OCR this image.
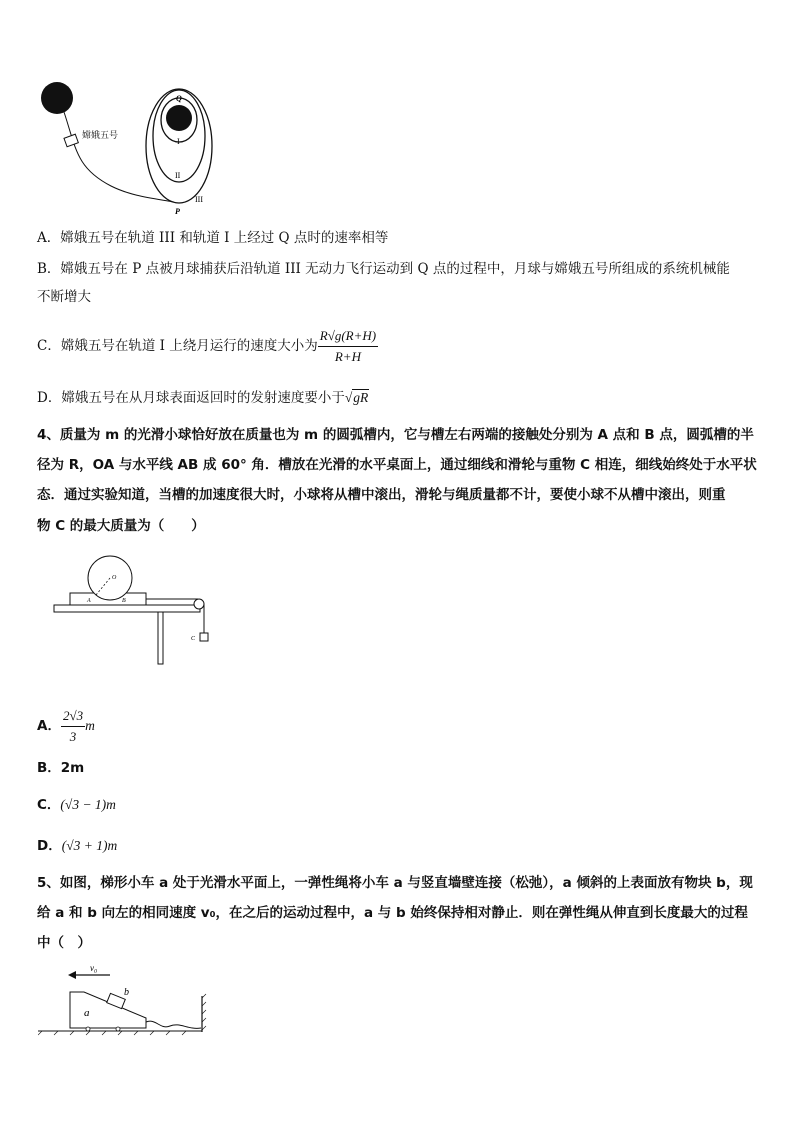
嫦娥五号
Q
I
II
III
P
A．嫦娥五号在轨道 III 和轨道 I 上经过 Q 点时的速率相等
B．嫦娥五号在 P 点被月球捕获后沿轨道 III 无动力飞行运动到 Q 点的过程中，月球与嫦娥五号所组成的系统机械能
不断增大
C．嫦娥五号在轨道 I 上绕月运行的速度大小为 $\frac{R√g(R+H)}{R+H}$
D．嫦娥五号在从月球表面返回时的发射速度要小于√gR
4、质量为 m 的光滑小球恰好放在质量也为 m 的圆弧槽内，它与槽左右两端的接触处分别为 A 点和 B 点，圆弧槽的半
径为 R，OA 与水平线 AB 成 60° 角．槽放在光滑的水平桌面上，通过细线和滑轮与重物 C 相连，细线始终处于水平状
态．通过实验知道，当槽的加速度很大时，小球将从槽中滚出，滑轮与绳质量都不计，要使小球不从槽中滚出，则重
物 C 的最大质量为（　　）
O
A	B
C
A． $\frac{2√3}{3}$ m
B．2m
C．(√3 − 1)m
D．(√3 + 1)m
5、如图，梯形小车 a 处于光滑水平面上，一弹性绳将小车 a 与竖直墙壁连接（松弛），a 倾斜的上表面放有物块 b，现
给 a 和 b 向左的相同速度 v₀，在之后的运动过程中，a 与 b 始终保持相对静止．则在弹性绳从伸直到长度最大的过程
中（　）
v₀
b
a
